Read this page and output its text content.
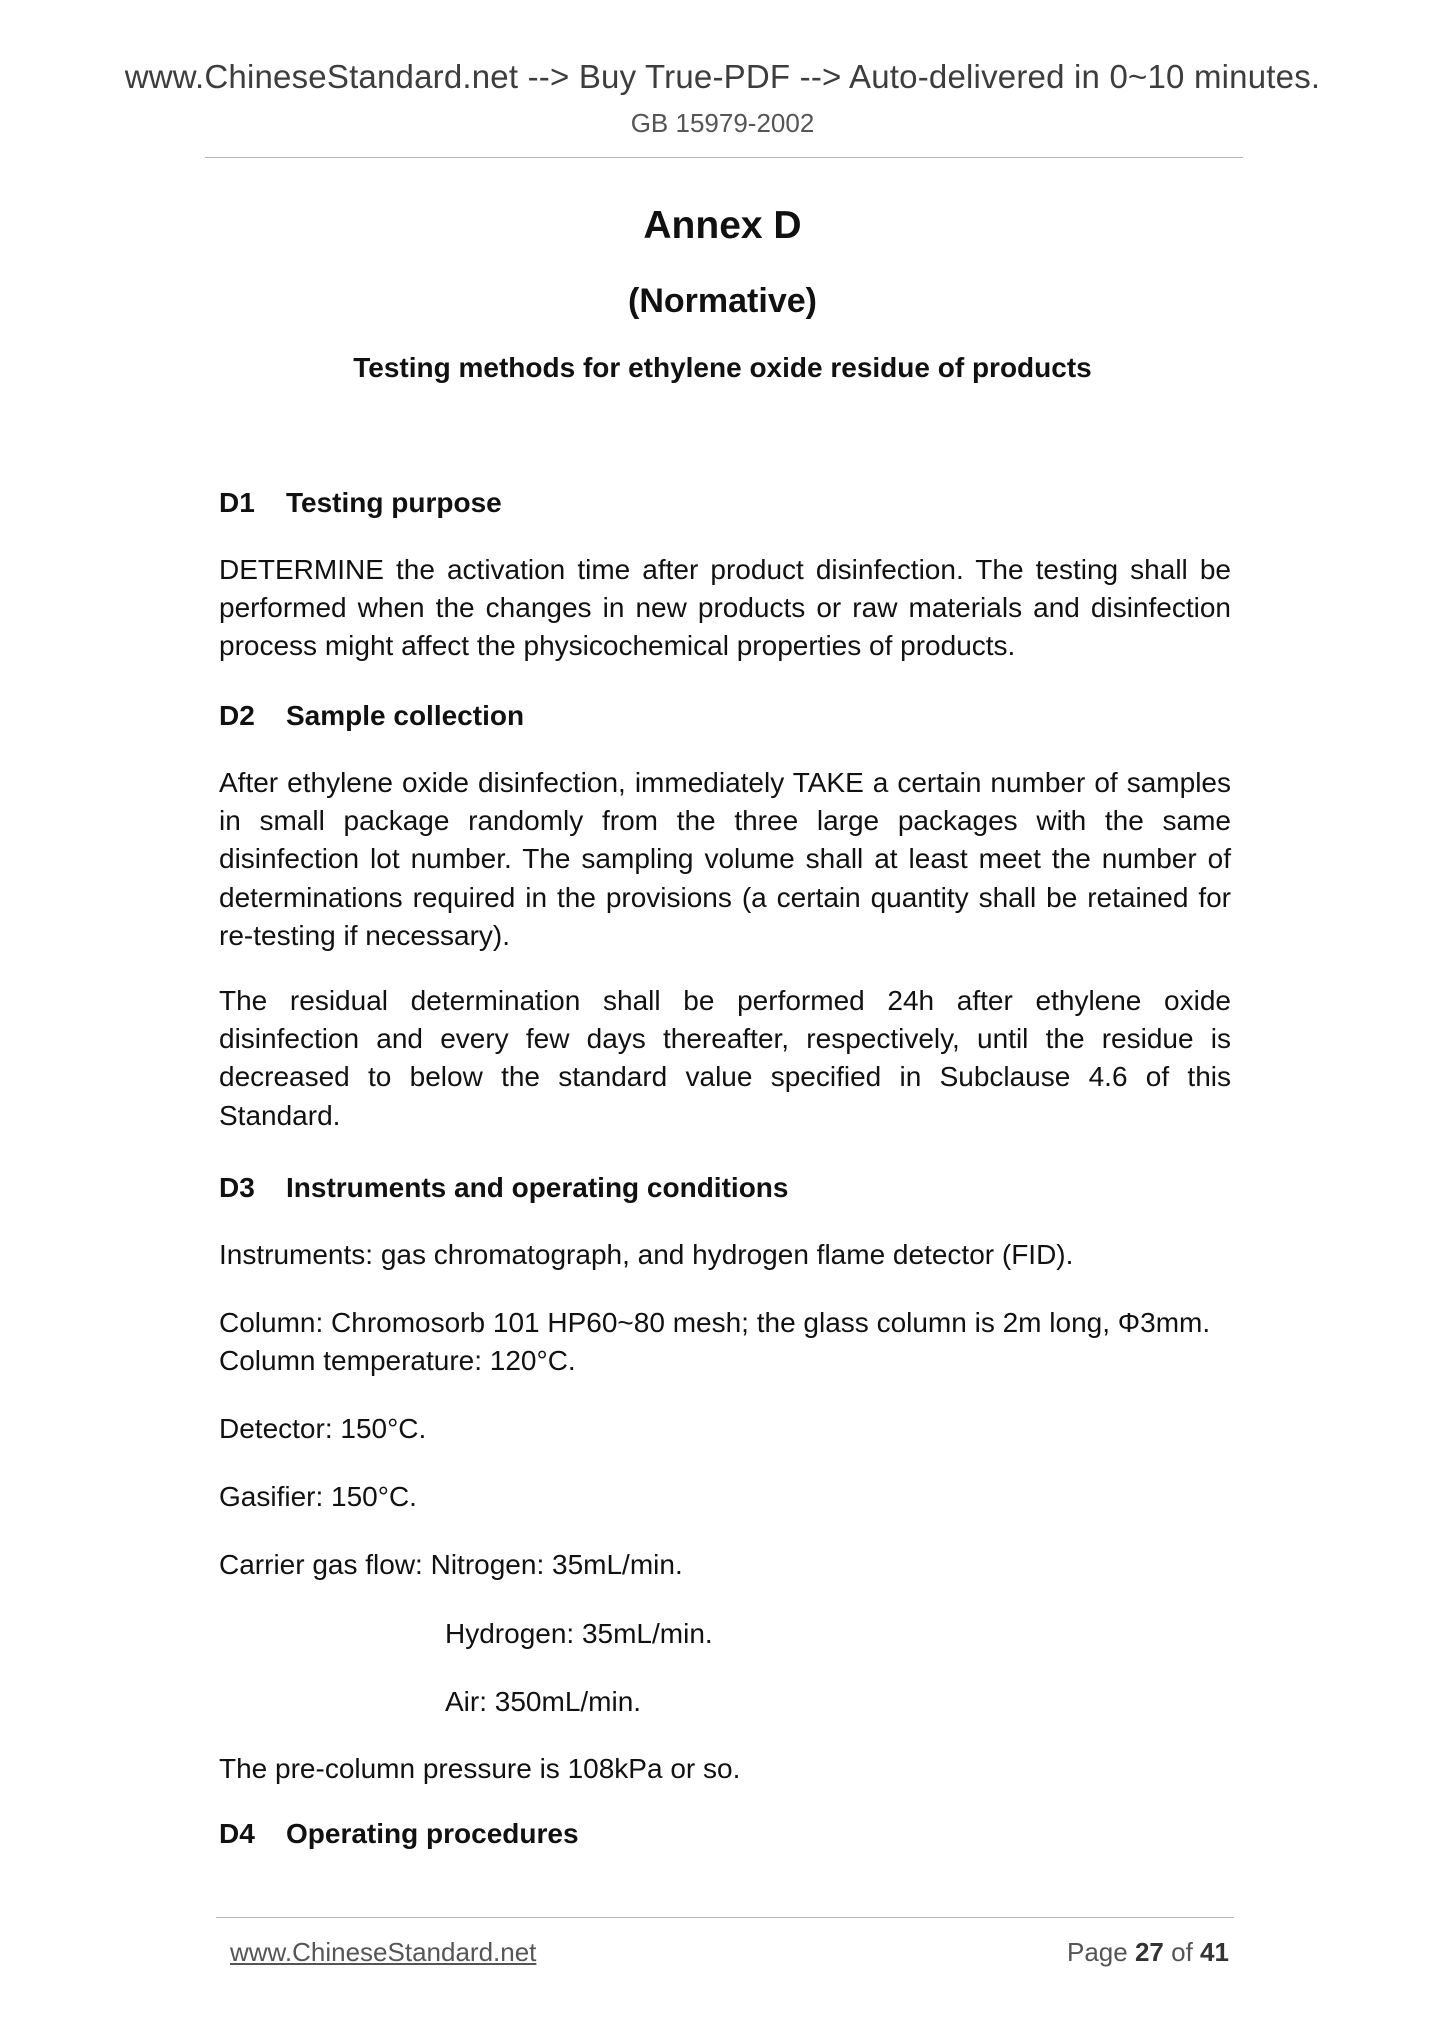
www.ChineseStandard.net --> Buy True-PDF --> Auto-delivered in 0~10 minutes.
GB 15979-2002
Annex D
(Normative)
Testing methods for ethylene oxide residue of products
D1 Testing purpose
DETERMINE the activation time after product disinfection. The testing shall be performed when the changes in new products or raw materials and disinfection process might affect the physicochemical properties of products.
D2 Sample collection
After ethylene oxide disinfection, immediately TAKE a certain number of samples in small package randomly from the three large packages with the same disinfection lot number. The sampling volume shall at least meet the number of determinations required in the provisions (a certain quantity shall be retained for re-testing if necessary).
The residual determination shall be performed 24h after ethylene oxide disinfection and every few days thereafter, respectively, until the residue is decreased to below the standard value specified in Subclause 4.6 of this Standard.
D3 Instruments and operating conditions
Instruments: gas chromatograph, and hydrogen flame detector (FID).
Column: Chromosorb 101 HP60~80 mesh; the glass column is 2m long, Φ3mm. Column temperature: 120°C.
Detector: 150°C.
Gasifier: 150°C.
Carrier gas flow: Nitrogen: 35mL/min.
Hydrogen: 35mL/min.
Air: 350mL/min.
The pre-column pressure is 108kPa or so.
D4 Operating procedures
www.ChineseStandard.net	Page 27 of 41
